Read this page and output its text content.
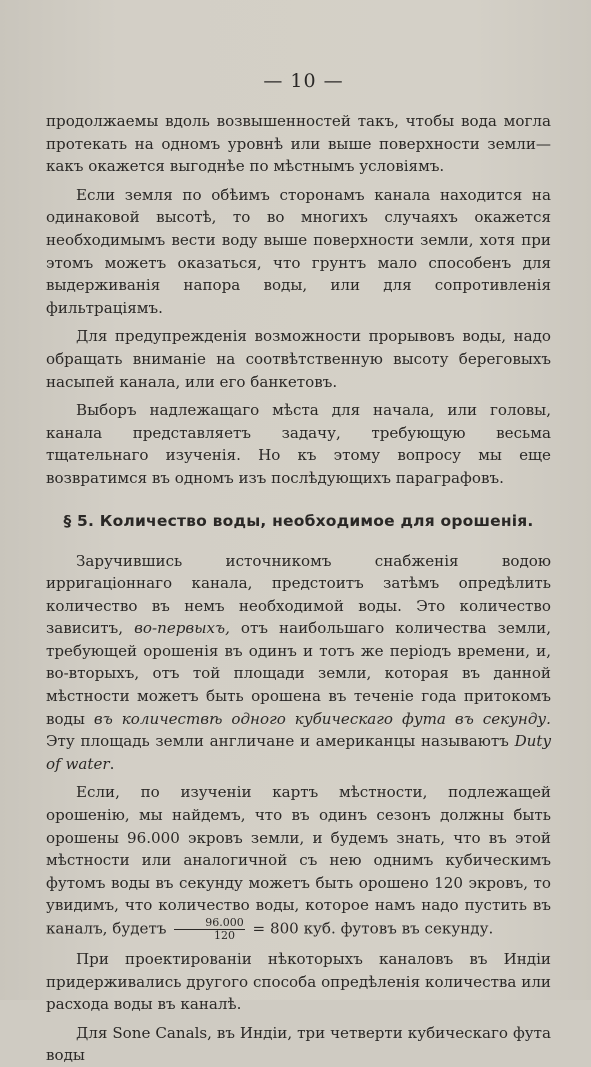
— 10 —

продолжаемы вдоль возвышенностей такъ, чтобы вода могла протекать на одномъ уровнѣ или выше поверхности земли—какъ окажется выгоднѣе по мѣстнымъ условіямъ.

Если земля по обѣимъ сторонамъ канала находится на одинаковой высотѣ, то во многихъ случаяхъ окажется необходимымъ вести воду выше поверхности земли, хотя при этомъ можетъ оказаться, что грунтъ мало способенъ для выдерживанія напора воды, или для сопротивленія фильтраціямъ.

Для предупрежденія возможности прорывовъ воды, надо обращать вниманіе на соотвѣтственную высоту береговыхъ насыпей канала, или его банкетовъ.

Выборъ надлежащаго мѣста для начала, или головы, канала представляетъ задачу, требующую весьма тщательнаго изученія. Но къ этому вопросу мы еще возвратимся въ одномъ изъ послѣдующихъ параграфовъ.

§ 5. Количество воды, необходимое для орошенія.

Заручившись источникомъ снабженія водою ирригаціоннаго канала, предстоитъ затѣмъ опредѣлить количество въ немъ необходимой воды. Это количество зависитъ, во-первыхъ, отъ наибольшаго количества земли, требующей орошенія въ одинъ и тотъ же періодъ времени, и, во-вторыхъ, отъ той площади земли, которая въ данной мѣстности можетъ быть орошена въ теченіе года притокомъ воды въ количествѣ одного кубическаго фута въ секунду. Эту площадь земли англичане и американцы называютъ Duty of water.

Если, по изученіи картъ мѣстности, подлежащей орошенію, мы найдемъ, что въ одинъ сезонъ должны быть орошены 96.000 экровъ земли, и будемъ знать, что въ этой мѣстности или аналогичной съ нею однимъ кубическимъ футомъ воды въ секунду можетъ быть орошено 120 экровъ, то увидимъ, что количество воды, которое намъ надо пустить въ каналъ, будетъ $\frac{96.000}{120} = 800$ куб. футовъ въ секунду.

При проектированіи нѣкоторыхъ каналовъ въ Индіи придерживались другого способа опредѣленія количества или расхода воды въ каналѣ.

Для Sone Canals, въ Индіи, три четверти кубическаго фута воды
